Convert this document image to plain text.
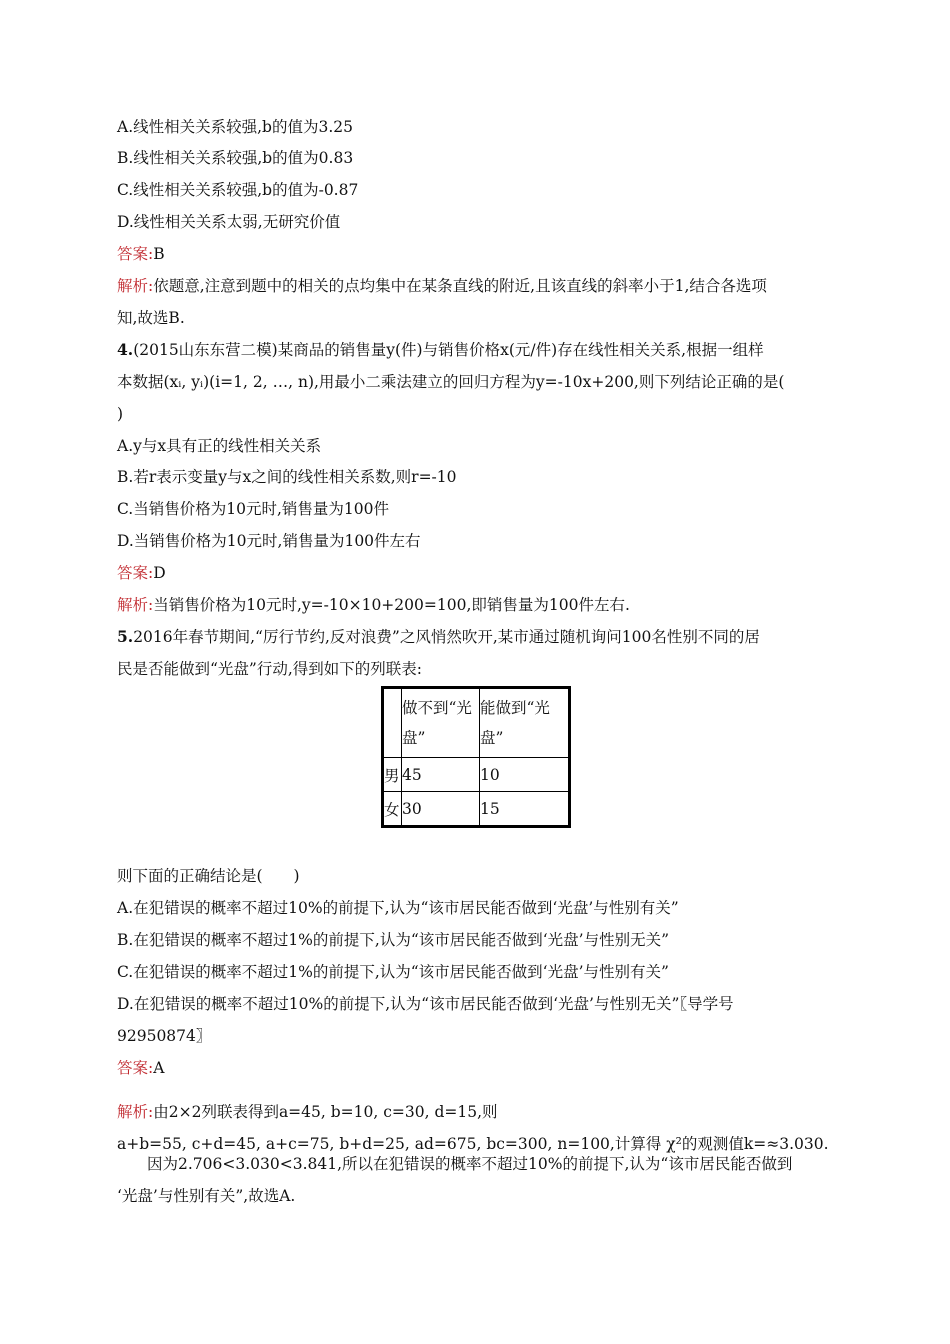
A.线性相关关系较强,b的值为3.25
B.线性相关关系较强,b的值为0.83
C.线性相关关系较强,b的值为-0.87
D.线性相关关系太弱,无研究价值
答案:B
解析:依题意,注意到题中的相关的点均集中在某条直线的附近,且该直线的斜率小于1,结合各选项
知,故选B.
4.(2015山东东营二模)某商品的销售量y(件)与销售价格x(元/件)存在线性相关关系,根据一组样
本数据(xᵢ, yᵢ)(i=1, 2, …, n),用最小二乘法建立的回归方程为y=-10x+200,则下列结论正确的是(
)
A.y与x具有正的线性相关关系
B.若r表示变量y与x之间的线性相关系数,则r=-10
C.当销售价格为10元时,销售量为100件
D.当销售价格为10元时,销售量为100件左右
答案:D
解析:当销售价格为10元时,y=-10×10+200=100,即销售量为100件左右.
5.2016年春节期间,“厉行节约,反对浪费”之风悄然吹开,某市通过随机询问100名性别不同的居
民是否能做到“光盘”行动,得到如下的列联表:
	做不到“光盘”	能做到“光盘”
男	45	10
女	30	15
则下面的正确结论是(　　)
A.在犯错误的概率不超过10%的前提下,认为“该市居民能否做到‘光盘’与性别有关”
B.在犯错误的概率不超过1%的前提下,认为“该市居民能否做到‘光盘’与性别无关”
C.在犯错误的概率不超过1%的前提下,认为“该市居民能否做到‘光盘’与性别有关”
D.在犯错误的概率不超过10%的前提下,认为“该市居民能否做到‘光盘’与性别无关”〖导学号
92950874〗
答案:A
解析:由2×2列联表得到a=45, b=10, c=30, d=15,则
a+b=55, c+d=45, a+c=75, b+d=25, ad=675, bc=300, n=100,计算得 χ²的观测值k=≈3.030.
因为2.706<3.030<3.841,所以在犯错误的概率不超过10%的前提下,认为“该市居民能否做到
‘光盘’与性别有关”,故选A.
